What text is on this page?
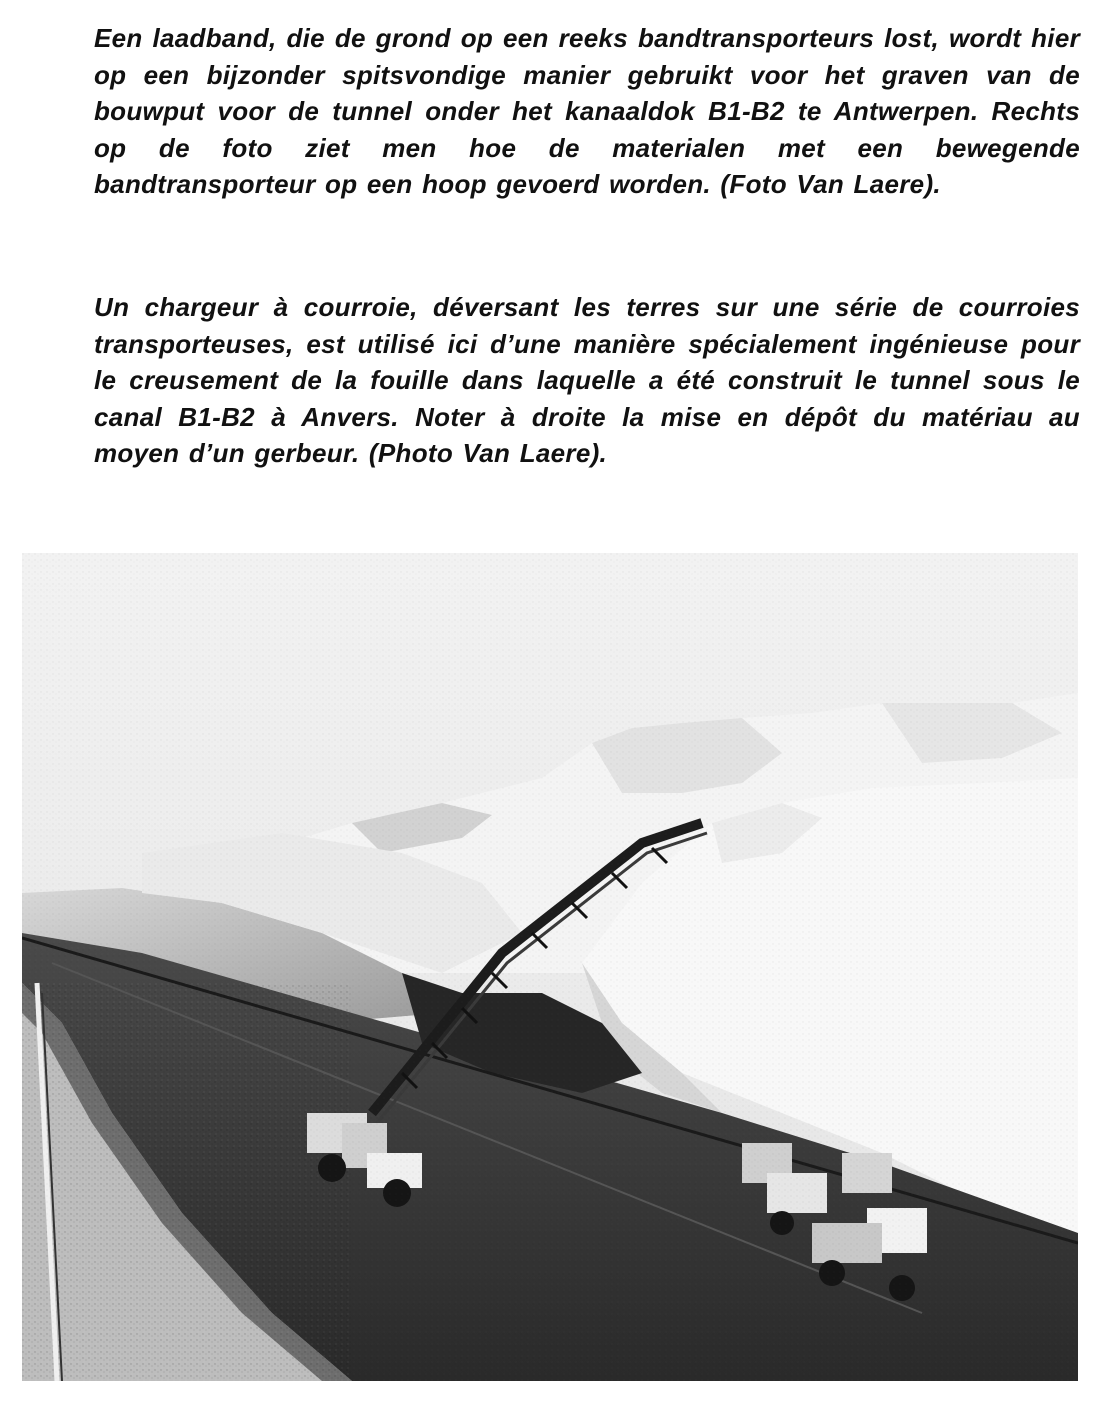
Een laadband, die de grond op een reeks bandtransporteurs lost, wordt hier op een bijzonder spitsvondige manier gebruikt voor het graven van de bouwput voor de tunnel onder het kanaaldok B1-B2 te Antwerpen. Rechts op de foto ziet men hoe de materialen met een bewegende bandtransporteur op een hoop gevoerd worden. (Foto Van Laere).

Un chargeur à courroie, déversant les terres sur une série de courroies transporteuses, est utilisé ici d’une manière spécialement ingénieuse pour le creusement de la fouille dans laquelle a été construit le tunnel sous le canal B1-B2 à Anvers. Noter à droite la mise en dépôt du matériau au moyen d’un gerbeur. (Photo Van Laere).
